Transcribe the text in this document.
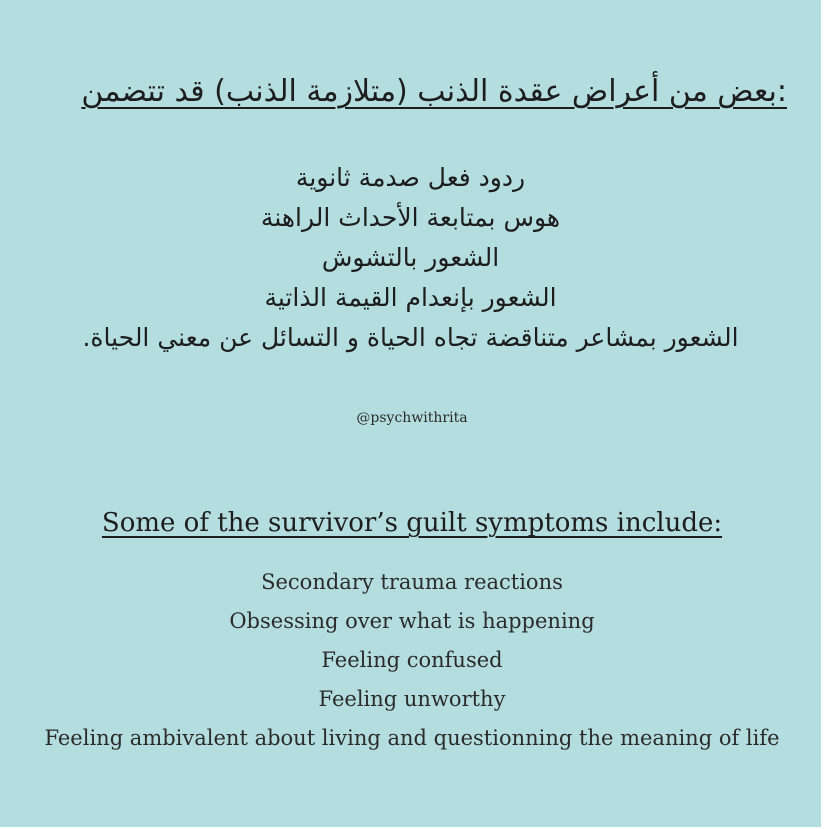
:بعض من أعراض عقدة الذنب (متلازمة الذنب) قد تتضمن
ردود فعل صدمة ثانوية
هوس بمتابعة الأحداث الراهنة
الشعور بالتشوش
الشعور بإنعدام القيمة الذاتية
الشعور بمشاعر متناقضة تجاه الحياة و التسائل عن معني الحياة.
@psychwithrita
Some of the survivor’s guilt symptoms include:
Secondary trauma reactions
Obsessing over what is happening
Feeling confused
Feeling unworthy
Feeling ambivalent about living and questionning the meaning of life
